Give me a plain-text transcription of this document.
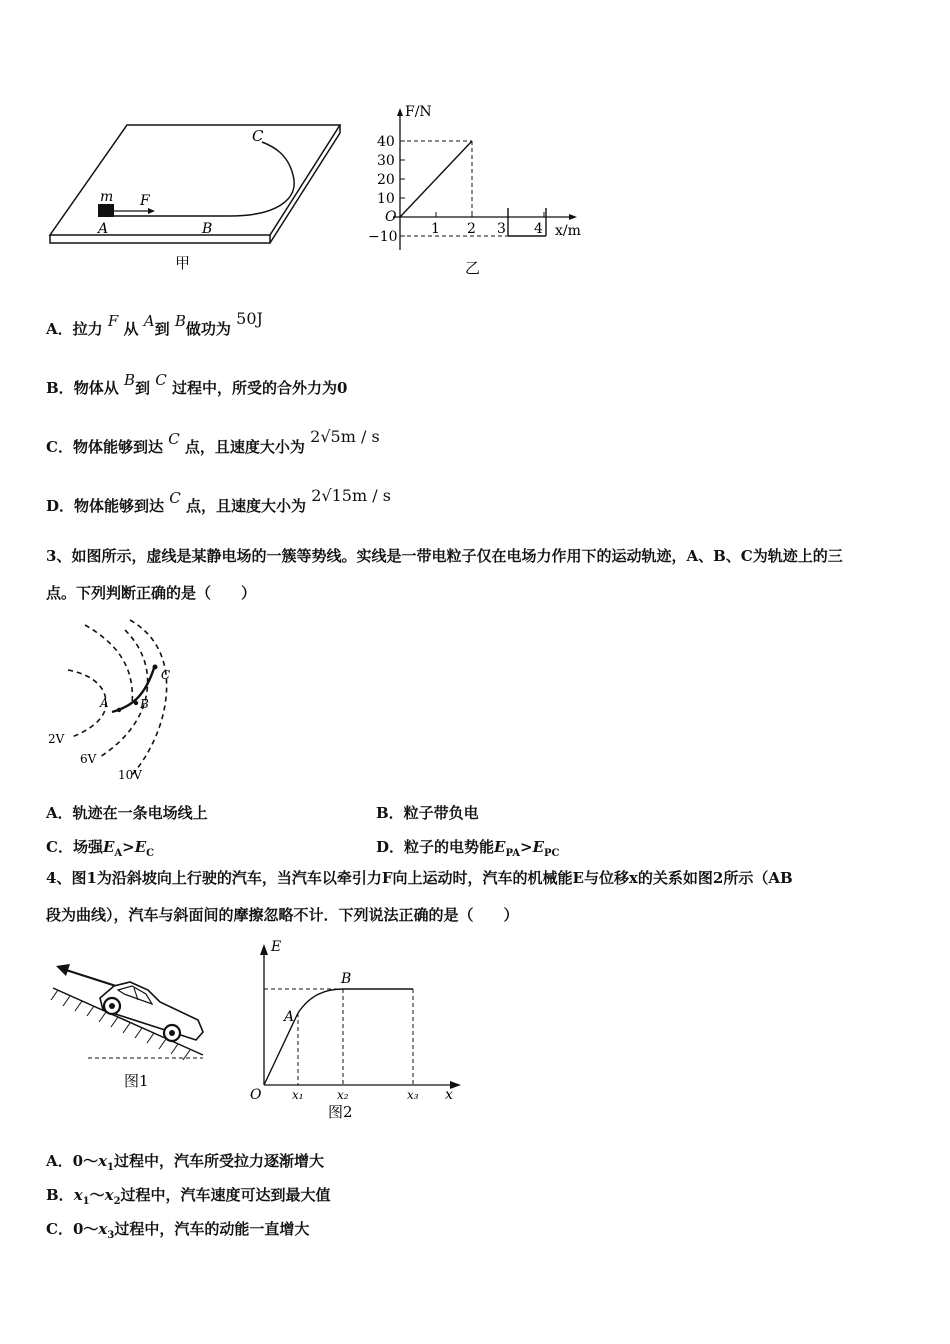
C
m F
A	B
甲
F/N
40
30
20
10
O
−10 1 2 3 4 x/m
乙
A．拉力 F 从 A到 B做功为 50J
B．物体从 B到 C 过程中，所受的合外力为0
C．物体能够到达 C 点，且速度大小为 2√5m / s
D．物体能够到达 C 点，且速度大小为 2√15m / s
3、如图所示，虚线是某静电场的一簇等势线。实线是一带电粒子仅在电场力作用下的运动轨迹，A、B、C为轨迹上的三
点。下列判断正确的是（　　）
A	B
C
2V
6V
10V
A．轨迹在一条电场线上	B．粒子带负电
C．场强$E_A>E_C$	D．粒子的电势能$E_{PA}>E_{PC}$
4、图1为沿斜坡向上行驶的汽车，当汽车以牵引力F向上运动时，汽车的机械能E与位移x的关系如图2所示（AB
段为曲线），汽车与斜面间的摩擦忽略不计．下列说法正确的是（　　）
图1
E
B
A
O	x₁	x₂	x₃ x
图2
A．$0\sim x_1$过程中，汽车所受拉力逐渐增大
B．$x_1\sim x_2$过程中，汽车速度可达到最大值
C．$0\sim x_3$过程中，汽车的动能一直增大
